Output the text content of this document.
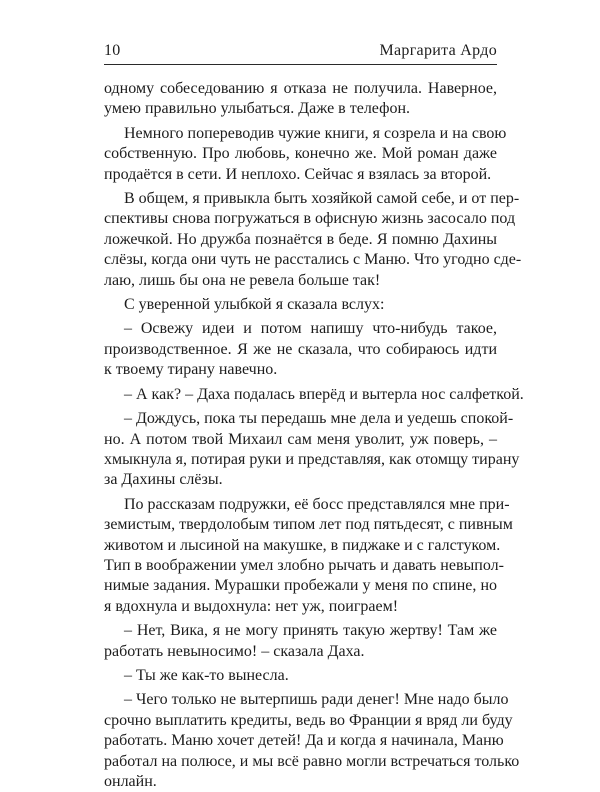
10	Маргарита Ардо

одному собеседованию я отказа не получила. Наверное,
умею правильно улыбаться. Даже в телефон.

Немного попереводив чужие книги, я созрела и на свою
собственную. Про любовь, конечно же. Мой роман даже
продаётся в сети. И неплохо. Сейчас я взялась за второй.

В общем, я привыкла быть хозяйкой самой себе, и от пер-
спективы снова погружаться в офисную жизнь засосало под
ложечкой. Но дружба познаётся в беде. Я помню Дахины
слёзы, когда они чуть не расстались с Маню. Что угодно сде-
лаю, лишь бы она не ревела больше так!

С уверенной улыбкой я сказала вслух:

– Освежу идеи и потом напишу что-нибудь такое,
производственное. Я же не сказала, что собираюсь идти
к твоему тирану навечно.

– А как? – Даха подалась вперёд и вытерла нос салфеткой.

– Дождусь, пока ты передашь мне дела и уедешь спокой-
но. А потом твой Михаил сам меня уволит, уж поверь, –
хмыкнула я, потирая руки и представляя, как отомщу тирану
за Дахины слёзы.

По рассказам подружки, её босс представлялся мне при-
земистым, твердолобым типом лет под пятьдесят, с пивным
животом и лысиной на макушке, в пиджаке и с галстуком.
Тип в воображении умел злобно рычать и давать невыпол-
нимые задания. Мурашки пробежали у меня по спине, но
я вдохнула и выдохнула: нет уж, поиграем!

– Нет, Вика, я не могу принять такую жертву! Там же
работать невыносимо! – сказала Даха.

– Ты же как-то вынесла.

– Чего только не вытерпишь ради денег! Мне надо было
срочно выплатить кредиты, ведь во Франции я вряд ли буду
работать. Маню хочет детей! Да и когда я начинала, Маню
работал на полюсе, и мы всё равно могли встречаться только
онлайн.
